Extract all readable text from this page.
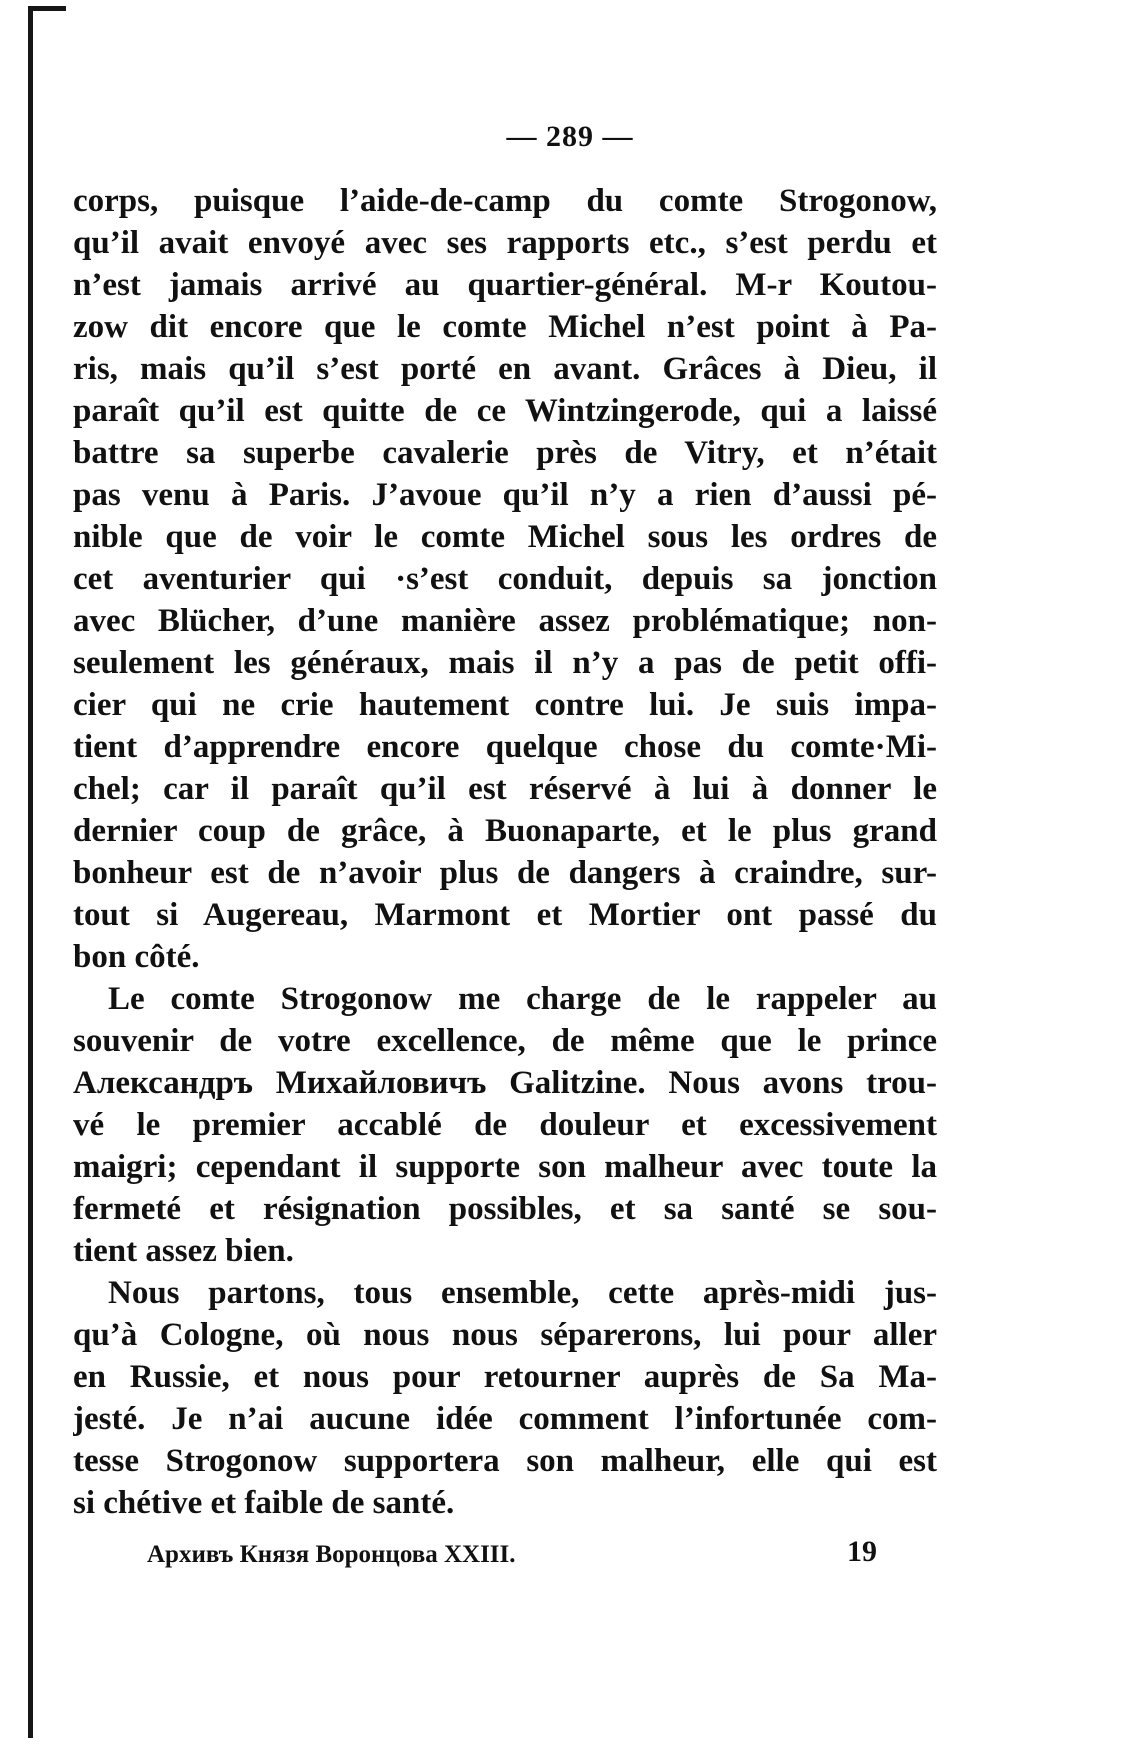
— 289 —
corps, puisque l’aide-de-camp du comte Strogonow,
qu’il avait envoyé avec ses rapports etc., s’est perdu et
n’est jamais arrivé au quartier-général. M-r Koutou-
zow dit encore que le comte Michel n’est point à Pa-
ris, mais qu’il s’est porté en avant. Grâces à Dieu, il
paraît qu’il est quitte de ce Wintzingerode, qui a laissé
battre sa superbe cavalerie près de Vitry, et n’était
pas venu à Paris. J’avoue qu’il n’y a rien d’aussi pé-
nible que de voir le comte Michel sous les ordres de
cet aventurier qui ·s’est conduit, depuis sa jonction
avec Blücher, d’une manière assez problématique; non-
seulement les généraux, mais il n’y a pas de petit offi-
cier qui ne crie hautement contre lui. Je suis impa-
tient d’apprendre encore quelque chose du comte·Mi-
chel; car il paraît qu’il est réservé à lui à donner le
dernier coup de grâce, à Buonaparte, et le plus grand
bonheur est de n’avoir plus de dangers à craindre, sur-
tout si Augereau, Marmont et Mortier ont passé du
bon côté.
Le comte Strogonow me charge de le rappeler au
souvenir de votre excellence, de même que le prince
Александръ Михайловичъ Galitzine. Nous avons trou-
vé le premier accablé de douleur et excessivement
maigri; cependant il supporte son malheur avec toute la
fermeté et résignation possibles, et sa santé se sou-
tient assez bien.
Nous partons, tous ensemble, cette après-midi jus-
qu’à Cologne, où nous nous séparerons, lui pour aller
en Russie, et nous pour retourner auprès de Sa Ma-
jesté. Je n’ai aucune idée comment l’infortunée com-
tesse Strogonow supportera son malheur, elle qui est
si chétive et faible de santé.
Архивъ Князя Воронцова XXIII.	19
